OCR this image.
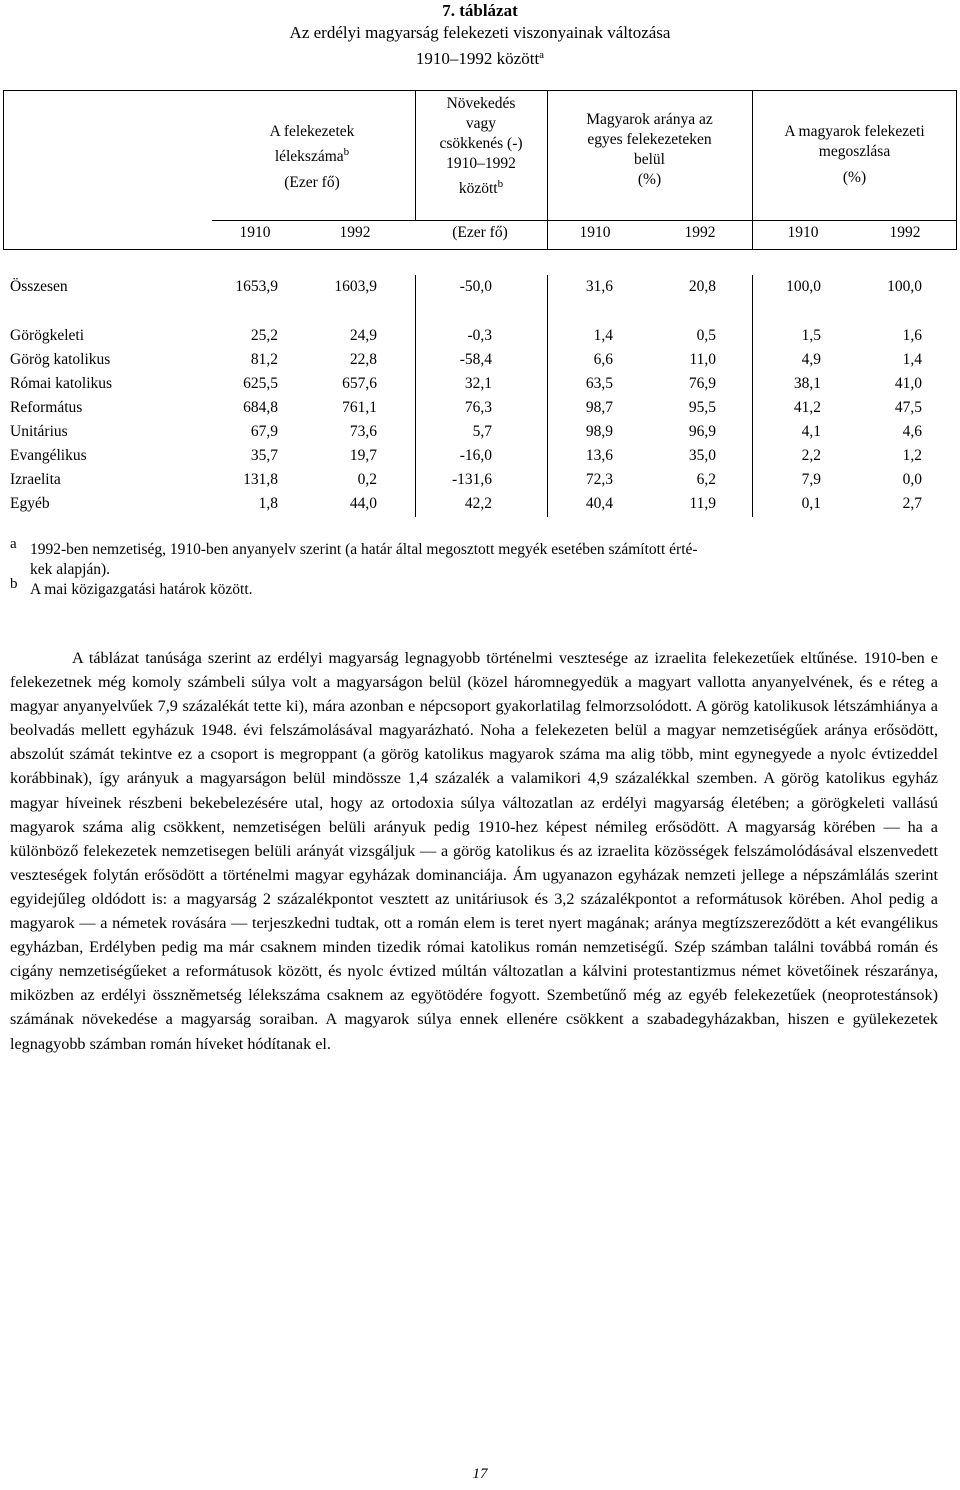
7. táblázat
Az erdélyi magyarság felekezeti viszonyainak változása
1910–1992 között$^a$
A felekezetek
lélekszáma$^b$
(Ezer fő)
Növekedés
vagy
csökkenés (-)
1910–1992
között$^b$
Magyarok aránya az
egyes felekezeteken
belül
(%)
A magyarok felekezeti
megoszlása
(%)
1910	1992	(Ezer fő)	1910	1992	1910	1992
Összesen	1653,9	1603,9	-50,0	31,6	20,8	100,0	100,0
Görögkeleti	25,2	24,9	-0,3	1,4	0,5	1,5	1,6
Görög katolikus	81,2	22,8	-58,4	6,6	11,0	4,9	1,4
Római katolikus	625,5	657,6	32,1	63,5	76,9	38,1	41,0
Református	684,8	761,1	76,3	98,7	95,5	41,2	47,5
Unitárius	67,9	73,6	5,7	98,9	96,9	4,1	4,6
Evangélikus	35,7	19,7	-16,0	13,6	35,0	2,2	1,2
Izraelita	131,8	0,2	-131,6	72,3	6,2	7,9	0,0
Egyéb	1,8	44,0	42,2	40,4	11,9	0,1	2,7
a 1992-ben nemzetiség, 1910-ben anyanyelv szerint (a határ által megosztott megyék esetében számított érté-
kek alapján).
b A mai közigazgatási határok között.

A táblázat tanúsága szerint az erdélyi magyarság legnagyobb történelmi vesztesége az izraelita felekezetűek eltűnése. 1910-ben e felekezetnek még komoly számbeli súlya volt a magyarságon belül (közel háromnegyedük a magyart vallotta anyanyelvének, és e réteg a magyar anyanyelvűek 7,9 százalékát tette ki), mára azonban e népcsoport gyakorlatilag felmorzsolódott. A görög katolikusok létszámhiánya a beolvadás mellett egyházuk 1948. évi felszámolásával magyarázható. Noha a felekezeten belül a magyar nemzetiségűek aránya erősödött, abszolút számát tekintve ez a csoport is megroppant (a görög katolikus magyarok száma ma alig több, mint egynegyede a nyolc évtizeddel korábbinak), így arányuk a magyarságon belül mindössze 1,4 százalék a valamikori 4,9 százalékkal szemben. A görög katolikus egyház magyar híveinek részbeni bekebelezésére utal, hogy az ortodoxia súlya változatlan az erdélyi magyarság életében; a görögkeleti vallású magyarok száma alig csökkent, nemzetiségen belüli arányuk pedig 1910-hez képest némileg erősödött. A magyarság körében — ha a különböző felekezetek nemzetisegen belüli arányát vizsgáljuk — a görög katolikus és az izraelita közösségek felszámolódásával elszenvedett veszteségek folytán erősödött a történelmi magyar egyházak dominanciája. Ám ugyanazon egyházak nemzeti jellege a népszámlálás szerint egyidejűleg oldódott is: a magyarság 2 százalékpontot vesztett az unitáriusok és 3,2 százalékpontot a reformátusok körében. Ahol pedig a magyarok — a németek rovására — terjeszkedni tudtak, ott a román elem is teret nyert magának; aránya megtízszereződött a két evangélikus egyházban, Erdélyben pedig ma már csaknem minden tizedik római katolikus román nemzetiségű. Szép számban találni továbbá román és cigány nemzetiségűeket a reformátusok között, és nyolc évtized múltán változatlan a kálvini protestantizmus német követőinek részaránya, miközben az erdélyi összněmetség lélekszáma csaknem az egyötödére fogyott. Szembetűnő még az egyéb felekezetűek (neoprotestánsok) számának növekedése a magyarság soraiban. A magyarok súlya ennek ellenére csökkent a szabadegyházakban, hiszen e gyülekezetek legnagyobb számban román híveket hódítanak el.

17
